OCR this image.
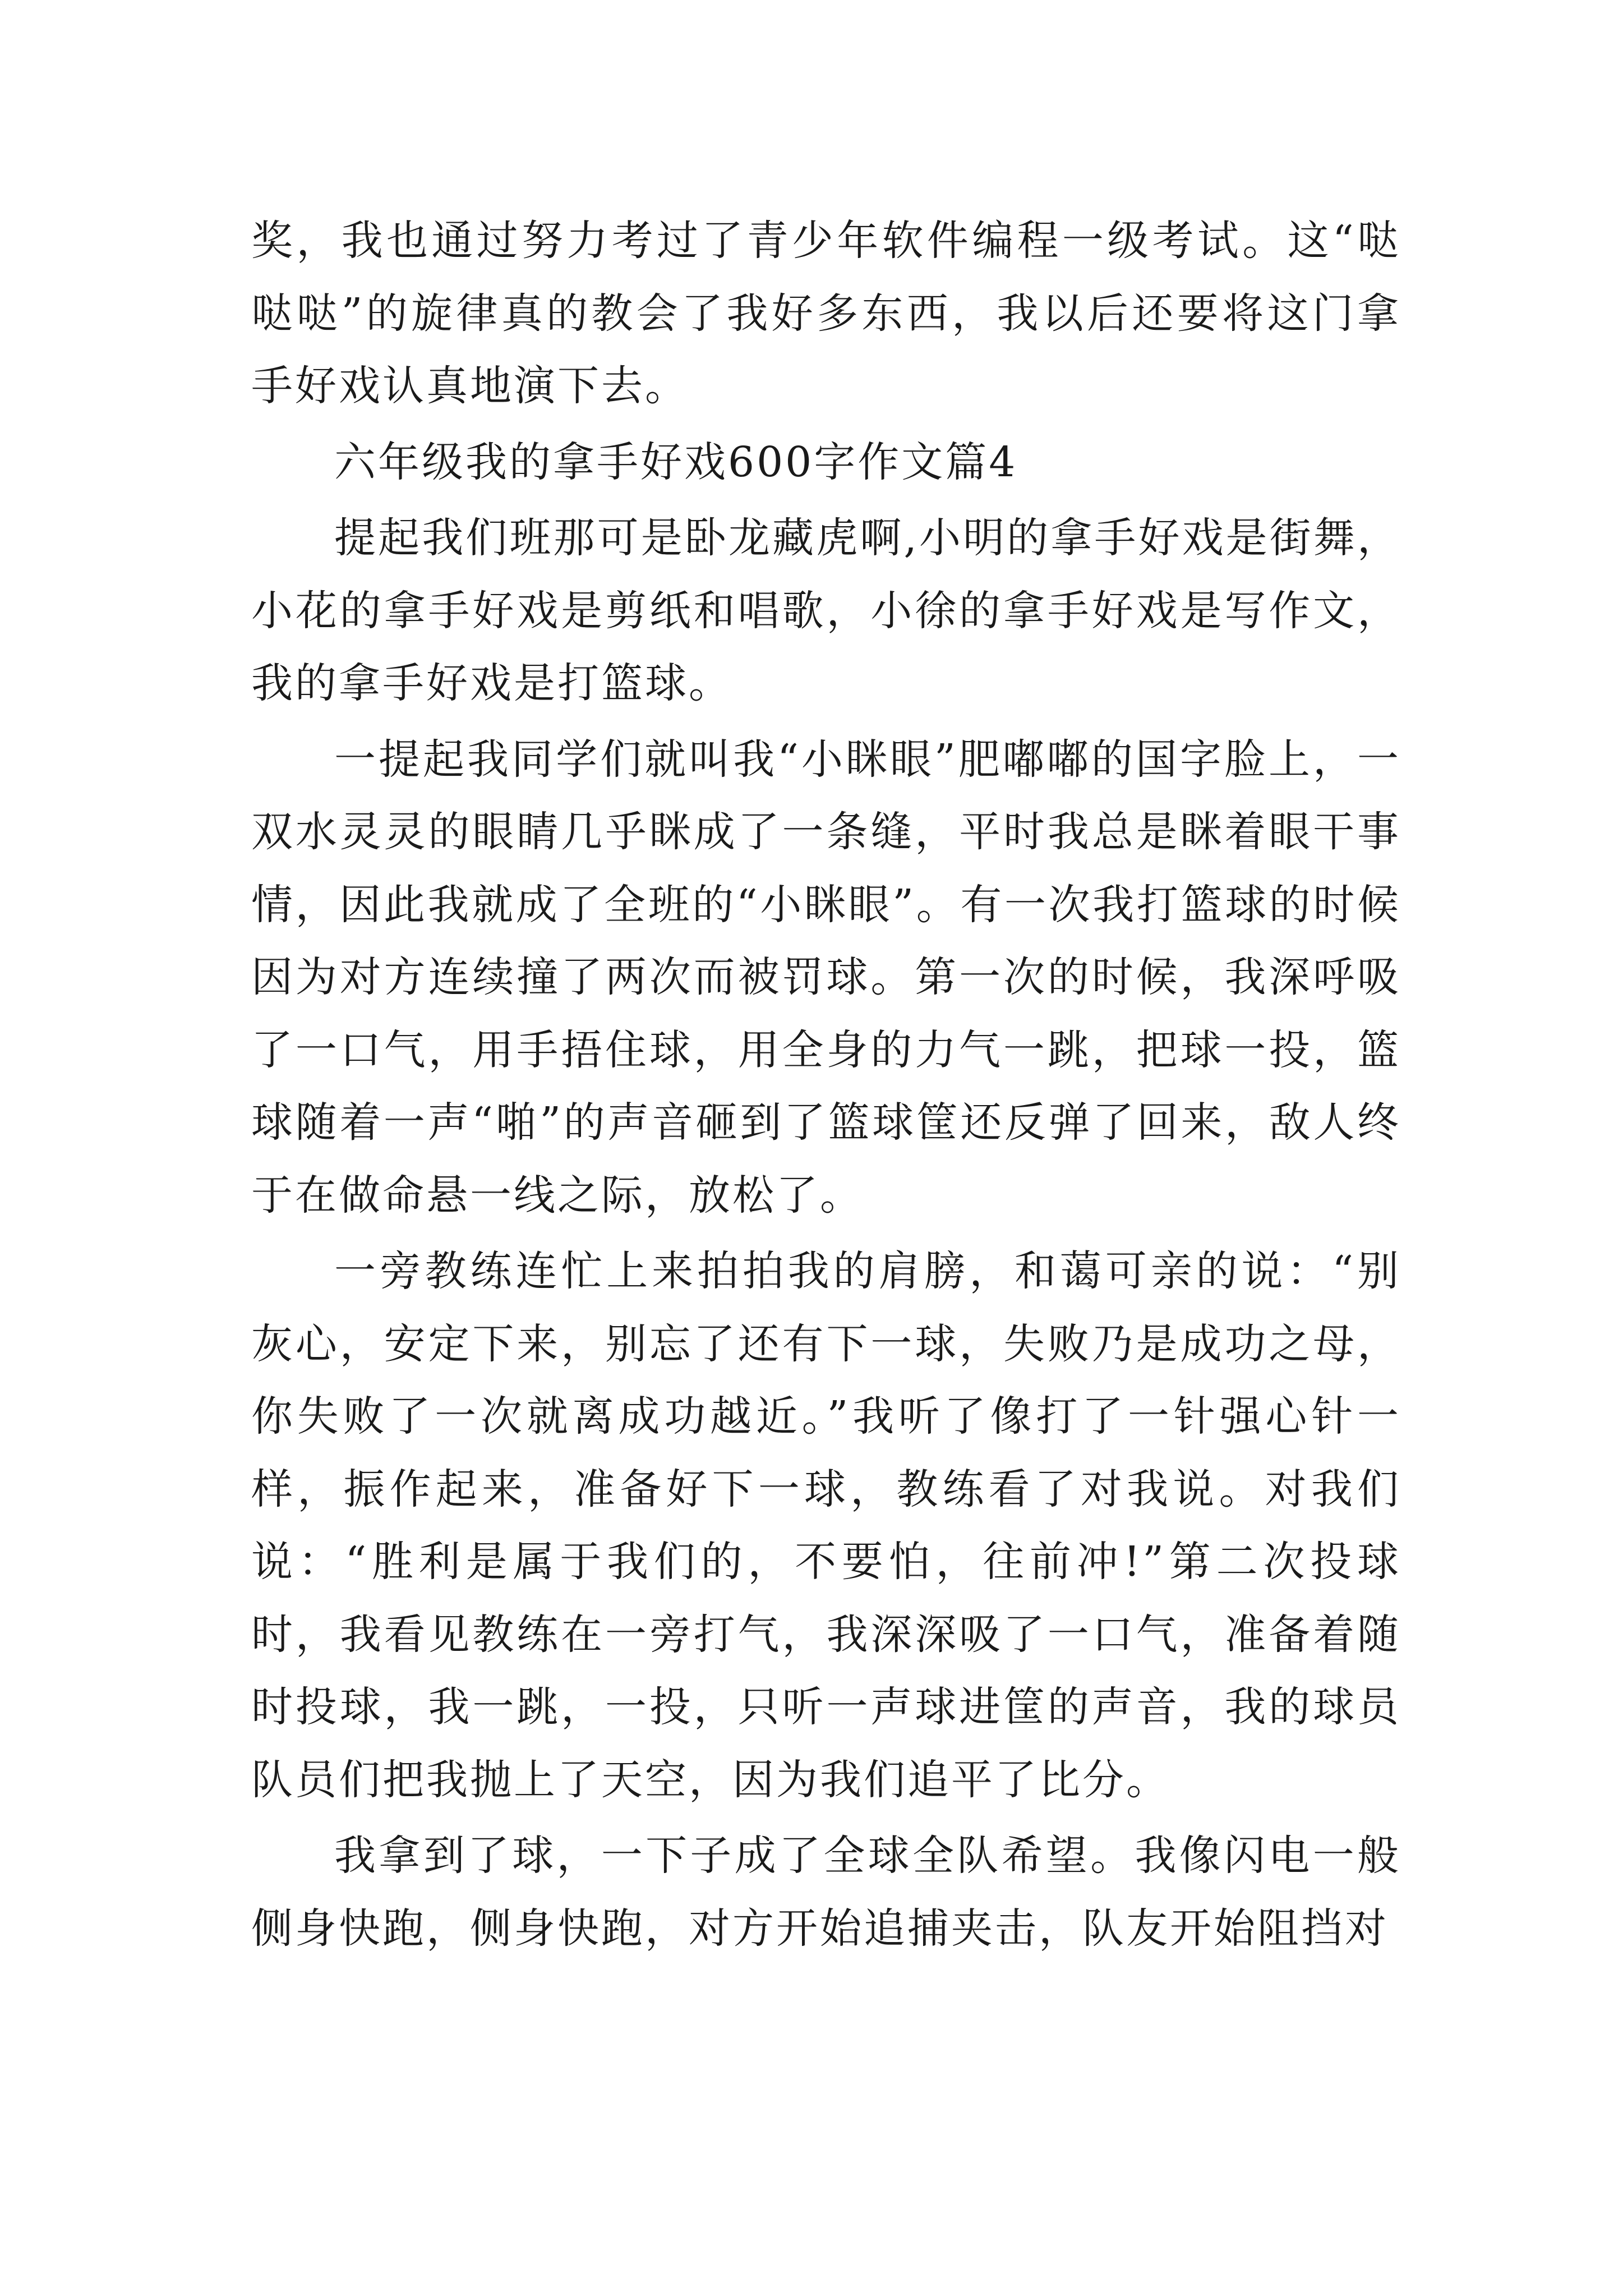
奖，我也通过努力考过了青少年软件编程一级考试。这“哒哒哒”的旋律真的教会了我好多东西，我以后还要将这门拿手好戏认真地演下去。

六年级我的拿手好戏600字作文篇4

提起我们班那可是卧龙藏虎啊,小明的拿手好戏是街舞，小花的拿手好戏是剪纸和唱歌，小徐的拿手好戏是写作文，我的拿手好戏是打篮球。

一提起我同学们就叫我“小眯眼”肥嘟嘟的国字脸上，一双水灵灵的眼睛几乎眯成了一条缝，平时我总是眯着眼干事情，因此我就成了全班的“小眯眼”。有一次我打篮球的时候因为对方连续撞了两次而被罚球。第一次的时候，我深呼吸了一口气，用手捂住球，用全身的力气一跳，把球一投，篮球随着一声“啪”的声音砸到了篮球筐还反弹了回来，敌人终于在做命悬一线之际，放松了。

一旁教练连忙上来拍拍我的肩膀，和蔼可亲的说：“别灰心，安定下来，别忘了还有下一球，失败乃是成功之母，你失败了一次就离成功越近。”我听了像打了一针强心针一样，振作起来，准备好下一球，教练看了对我说。对我们说：“胜利是属于我们的，不要怕，往前冲!”第二次投球时，我看见教练在一旁打气，我深深吸了一口气，准备着随时投球，我一跳，一投，只听一声球进筐的声音，我的球员队员们把我抛上了天空，因为我们追平了比分。

我拿到了球，一下子成了全球全队希望。我像闪电一般侧身快跑，侧身快跑，对方开始追捕夹击，队友开始阻挡对
